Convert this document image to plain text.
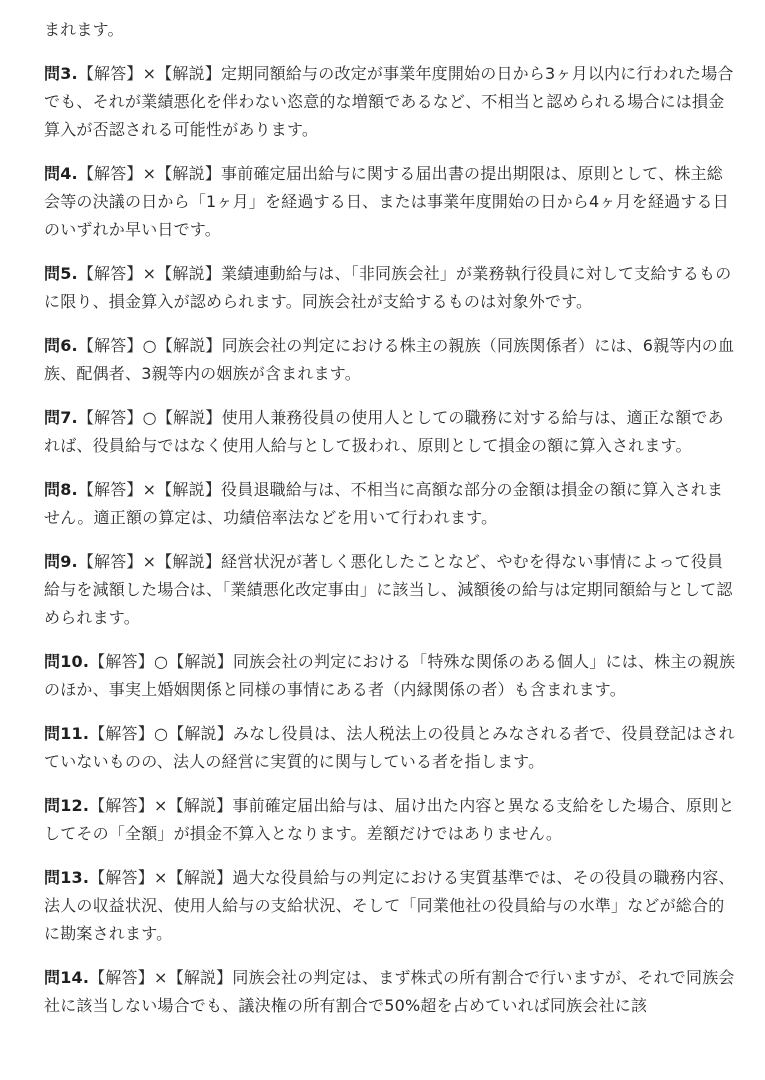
まれます。

問3.【解答】×【解説】定期同額給与の改定が事業年度開始の日から3ヶ月以内に行われた場合でも、それが業績悪化を伴わない恣意的な増額であるなど、不相当と認められる場合には損金算入が否認される可能性があります。

問4.【解答】×【解説】事前確定届出給与に関する届出書の提出期限は、原則として、株主総会等の決議の日から「1ヶ月」を経過する日、または事業年度開始の日から4ヶ月を経過する日のいずれか早い日です。

問5.【解答】×【解説】業績連動給与は、「非同族会社」が業務執行役員に対して支給するものに限り、損金算入が認められます。同族会社が支給するものは対象外です。

問6.【解答】○【解説】同族会社の判定における株主の親族（同族関係者）には、6親等内の血族、配偶者、3親等内の姻族が含まれます。

問7.【解答】○【解説】使用人兼務役員の使用人としての職務に対する給与は、適正な額であれば、役員給与ではなく使用人給与として扱われ、原則として損金の額に算入されます。

問8.【解答】×【解説】役員退職給与は、不相当に高額な部分の金額は損金の額に算入されません。適正額の算定は、功績倍率法などを用いて行われます。

問9.【解答】×【解説】経営状況が著しく悪化したことなど、やむを得ない事情によって役員給与を減額した場合は、「業績悪化改定事由」に該当し、減額後の給与は定期同額給与として認められます。

問10.【解答】○【解説】同族会社の判定における「特殊な関係のある個人」には、株主の親族のほか、事実上婚姻関係と同様の事情にある者（内縁関係の者）も含まれます。

問11.【解答】○【解説】みなし役員は、法人税法上の役員とみなされる者で、役員登記はされていないものの、法人の経営に実質的に関与している者を指します。

問12.【解答】×【解説】事前確定届出給与は、届け出た内容と異なる支給をした場合、原則としてその「全額」が損金不算入となります。差額だけではありません。

問13.【解答】×【解説】過大な役員給与の判定における実質基準では、その役員の職務内容、法人の収益状況、使用人給与の支給状況、そして「同業他社の役員給与の水準」などが総合的に勘案されます。

問14.【解答】×【解説】同族会社の判定は、まず株式の所有割合で行いますが、それで同族会社に該当しない場合でも、議決権の所有割合で50%超を占めていれば同族会社に該
